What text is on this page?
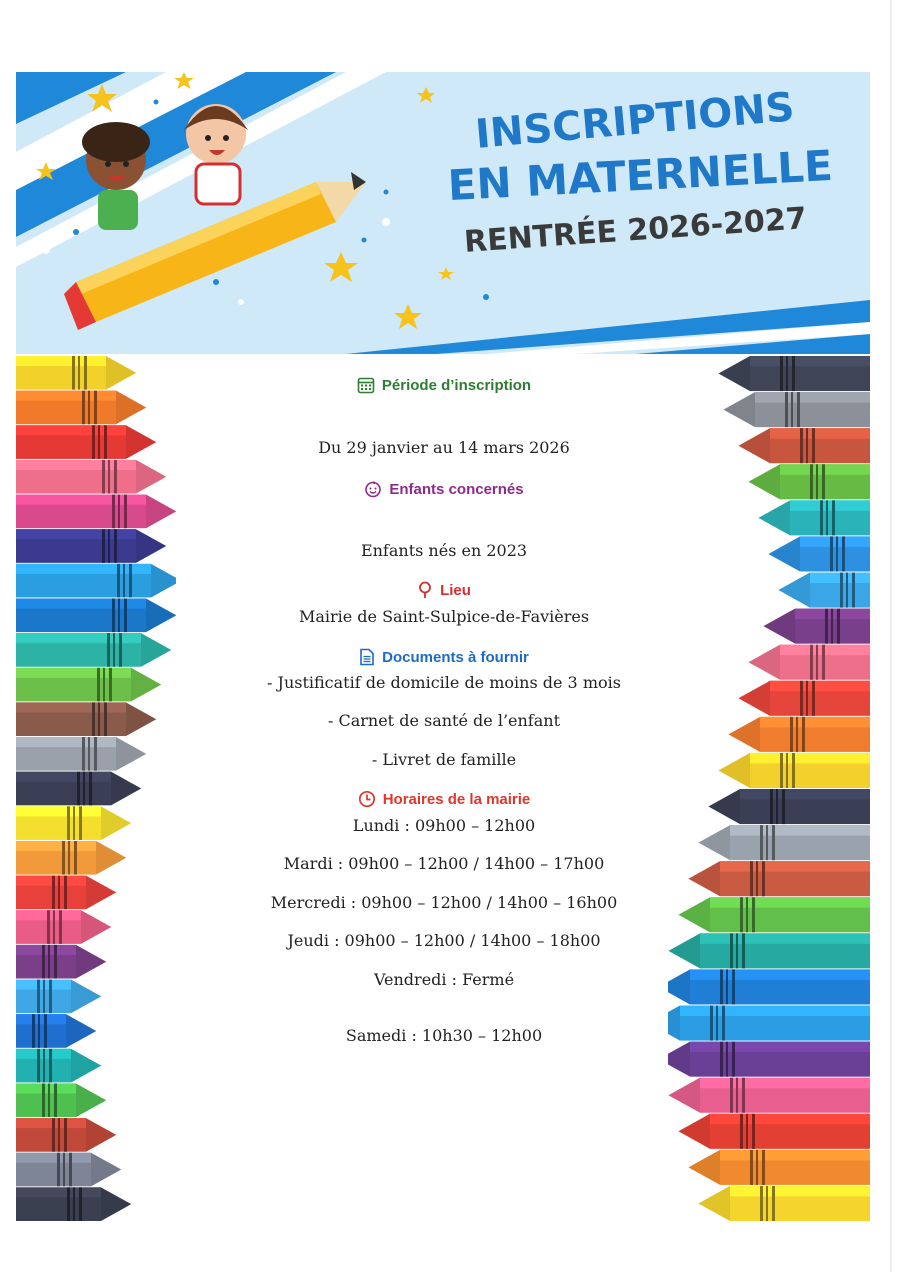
INSCRIPTIONS
EN MATERNELLE
RENTRÉE 2026-2027
Période d’inscription
Du 29 janvier au 14 mars 2026
Enfants concernés
Enfants nés en 2023
Lieu
Mairie de Saint-Sulpice-de-Favières
Documents à fournir
- Justificatif de domicile de moins de 3 mois
- Carnet de santé de l’enfant
- Livret de famille
Horaires de la mairie
Lundi : 09h00 – 12h00
Mardi : 09h00 – 12h00 / 14h00 – 17h00
Mercredi : 09h00 – 12h00 / 14h00 – 16h00
Jeudi : 09h00 – 12h00 / 14h00 – 18h00
Vendredi : Fermé
Samedi : 10h30 – 12h00
